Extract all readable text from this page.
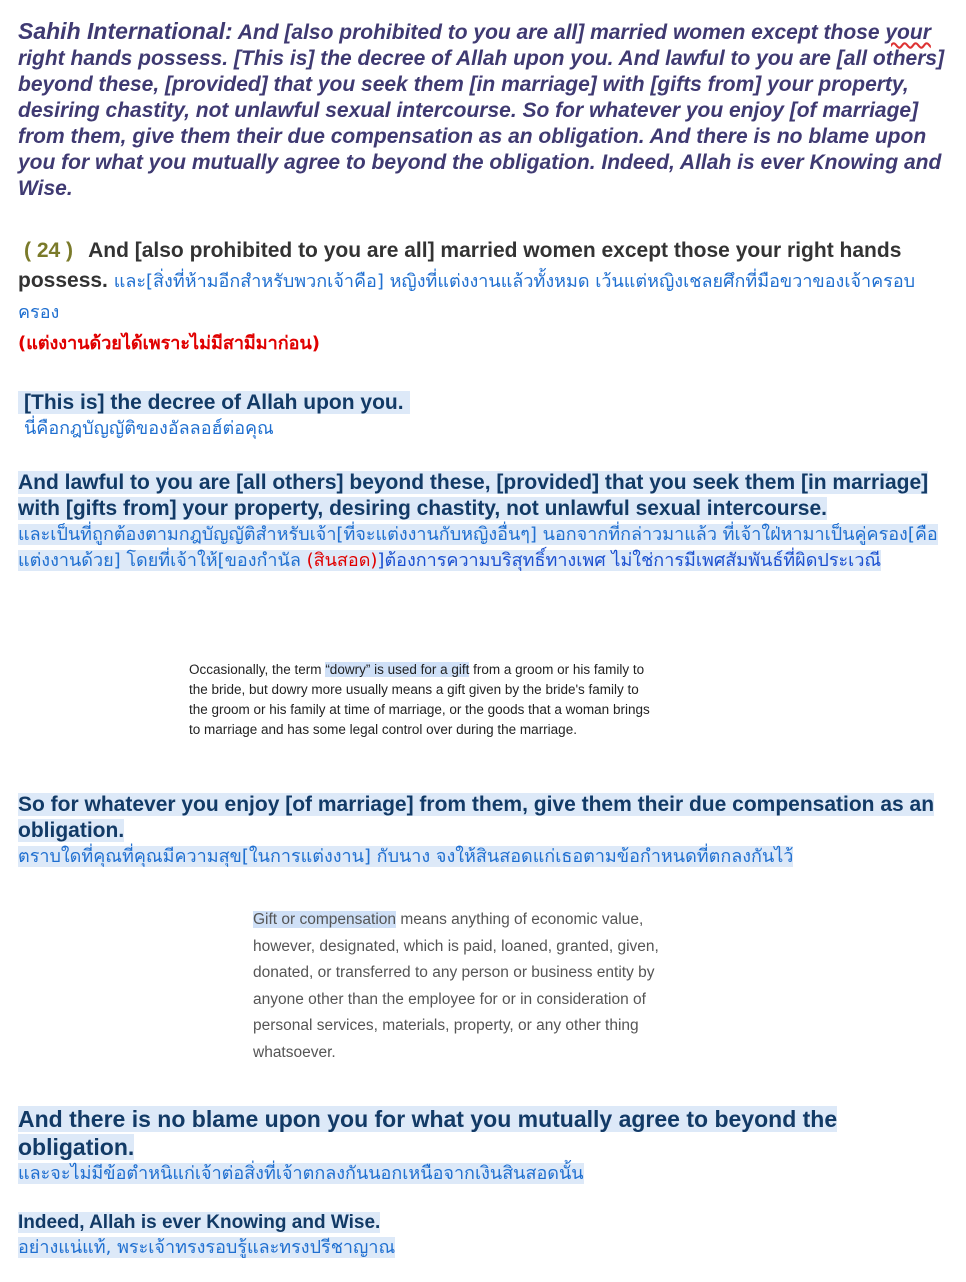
Sahih International: And [also prohibited to you are all] married women except those your right hands possess. [This is] the decree of Allah upon you. And lawful to you are [all others] beyond these, [provided] that you seek them [in marriage] with [gifts from] your property, desiring chastity, not unlawful sexual intercourse. So for whatever you enjoy [of marriage] from them, give them their due compensation as an obligation. And there is no blame upon you for what you mutually agree to beyond the obligation. Indeed, Allah is ever Knowing and Wise.
( 24 ) And [also prohibited to you are all] married women except those your right hands possess. และ[สิ่งที่ห้ามอีกสำหรับพวกเจ้าคือ] หญิงที่แต่งงานแล้วทั้งหมด เว้นแต่หญิงเชลยศึกที่มือขวาของเจ้าครอบครอง
(แต่งงานด้วยได้เพราะไม่มีสามีมาก่อน)
[This is] the decree of Allah upon you.
นี่คือกฎบัญญัติของอัลลอฮ์ต่อคุณ
And lawful to you are [all others] beyond these, [provided] that you seek them [in marriage] with [gifts from] your property, desiring chastity, not unlawful sexual intercourse.
และเป็นที่ถูกต้องตามกฎบัญญัติสำหรับเจ้า[ที่จะแต่งงานกับหญิงอื่นๆ] นอกจากที่กล่าวมาแล้ว ที่เจ้าใฝ่หามาเป็นคู่ครอง[คือแต่งงานด้วย] โดยที่เจ้าให้[ของกำนัล (สินสอด)]ต้องการความบริสุทธิ์ทางเพศ ไม่ใช่การมีเพศสัมพันธ์ที่ผิดประเวณี
Occasionally, the term “dowry” is used for a gift from a groom or his family to the bride, but dowry more usually means a gift given by the bride's family to the groom or his family at time of marriage, or the goods that a woman brings to marriage and has some legal control over during the marriage.
So for whatever you enjoy [of marriage] from them, give them their due compensation as an obligation.
ตราบใดที่คุณที่คุณมีความสุข[ในการแต่งงาน] กับนาง จงให้สินสอดแก่เธอตามข้อกำหนดที่ตกลงกันไว้
Gift or compensation means anything of economic value, however, designated, which is paid, loaned, granted, given, donated, or transferred to any person or business entity by anyone other than the employee for or in consideration of personal services, materials, property, or any other thing whatsoever.
And there is no blame upon you for what you mutually agree to beyond the obligation.
และจะไม่มีข้อตำหนิแก่เจ้าต่อสิ่งที่เจ้าตกลงกันนอกเหนือจากเงินสินสอดนั้น
Indeed, Allah is ever Knowing and Wise.
อย่างแน่แท้, พระเจ้าทรงรอบรู้และทรงปรีชาญาณ
